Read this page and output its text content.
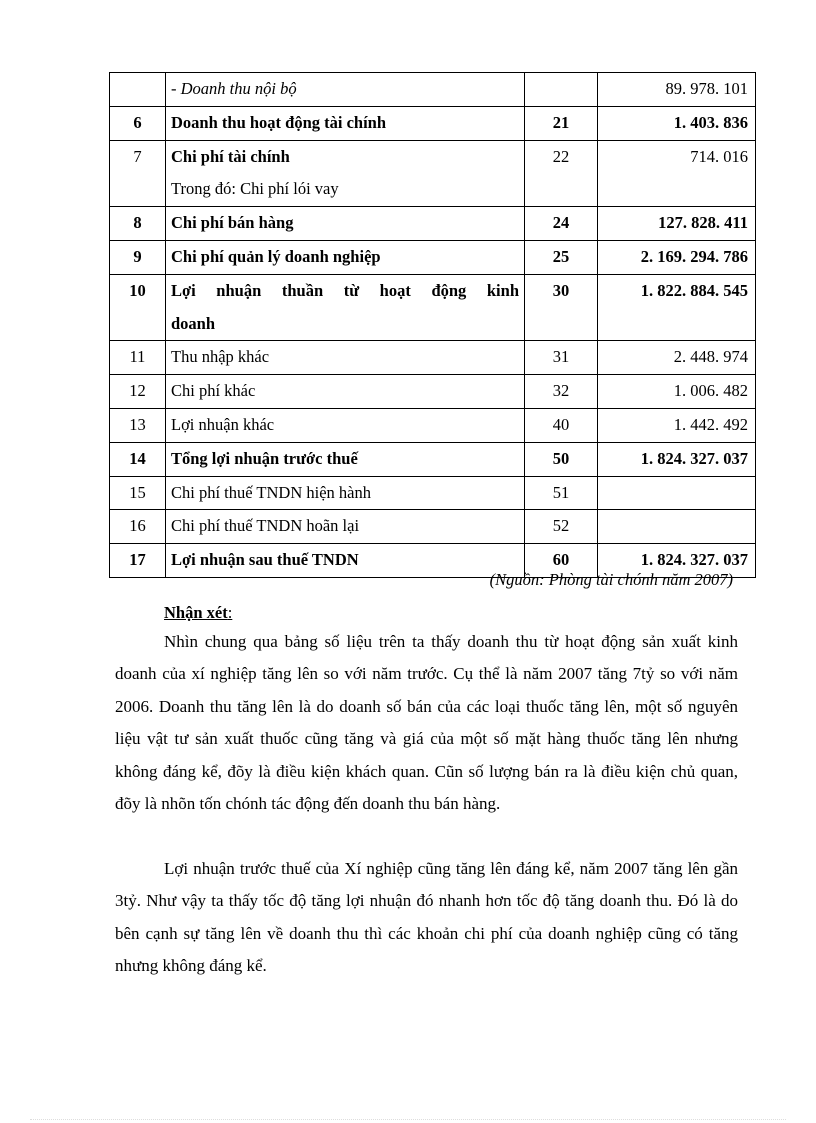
	- Doanh thu nội bộ		89. 978. 101
6	Doanh thu hoạt động tài chính	21	1. 403. 836
7	Chi phí tài chính
Trong đó: Chi phí lói vay	22	714. 016
8	Chi phí bán hàng	24	127. 828. 411
9	Chi phí quản lý doanh nghiệp	25	2. 169. 294. 786
10	Lợi nhuận thuần từ hoạt động kinh
doanh	30	1. 822. 884. 545
11	Thu nhập khác	31	2. 448. 974
12	Chi phí khác	32	1. 006. 482
13	Lợi nhuận khác	40	1. 442. 492
14	Tổng lợi nhuận trước thuế	50	1. 824. 327. 037
15	Chi phí thuế TNDN hiện hành	51	
16	Chi phí thuế TNDN hoãn lại	52	
17	Lợi nhuận sau thuế TNDN	60	1. 824. 327. 037
(Nguồn: Phòng tài chónh năm 2007)
Nhận xét:

Nhìn chung qua bảng số liệu trên ta thấy doanh thu từ hoạt động sản xuất kinh doanh của xí nghiệp tăng lên so với năm trước. Cụ thể là năm 2007 tăng 7tỷ so với năm 2006. Doanh thu tăng lên là do doanh số bán của các loại thuốc tăng lên, một số nguyên liệu vật tư sản xuất thuốc cũng tăng và giá của một số mặt hàng thuốc tăng lên nhưng không đáng kể, đõy là điều kiện khách quan. Cũn số lượng bán ra là điều kiện chủ quan, đõy là nhõn tốn chónh tác động đến doanh thu bán hàng.

Lợi nhuận trước thuế của Xí nghiệp cũng tăng lên đáng kể, năm 2007 tăng lên gần 3tỷ. Như vậy ta thấy tốc độ tăng lợi nhuận đó nhanh hơn tốc độ tăng doanh thu. Đó là do bên cạnh sự tăng lên về doanh thu thì các khoản chi phí của doanh nghiệp cũng có tăng nhưng không đáng kể.
